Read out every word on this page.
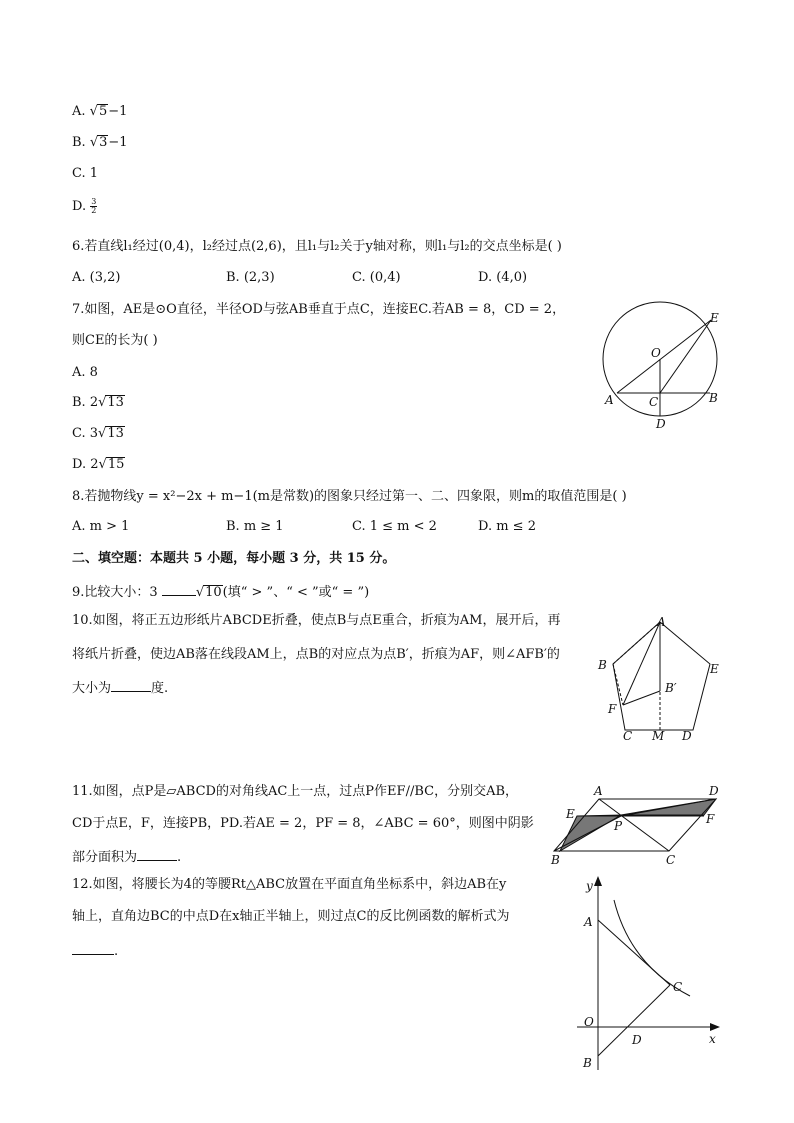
A. √5−1
B. √3−1
C. 1
D. $\frac{3}{2}$
6.若直线l₁经过(0,4)，l₂经过点(2,6)，且l₁与l₂关于y轴对称，则l₁与l₂的交点坐标是( )
A. (3,2)	B. (2,3)	C. (0,4)	D. (4,0)
7.如图，AE是⊙O直径，半径OD与弦AB垂直于点C，连接EC.若AB = 8，CD = 2，
则CE的长为( )
A. 8
B. 2√13
C. 3√13
D. 2√15
E
O
A	C	B
D
8.若抛物线y = x²−2x + m−1(m是常数)的图象只经过第一、二、四象限，则m的取值范围是( )
A. m > 1	B. m ≥ 1	C. 1 ≤ m < 2	D. m ≤ 2
二、填空题：本题共 5 小题，每小题 3 分，共 15 分。
9.比较大小：3	√10(填“ > ”、“ < ”或“ = ”)
10.如图，将正五边形纸片ABCDE折叠，使点B与点E重合，折痕为AM，展开后，再
将纸片折叠，使边AB落在线段AM上，点B的对应点为点B′，折痕为AF，则∠AFB′的
大小为	度.
A
B	E
B′
F
C M D
11.如图，点P是▱ABCD的对角线AC上一点，过点P作EF//BC，分别交AB，
CD于点E，F，连接PB，PD.若AE = 2，PF = 8，∠ABC = 60°，则图中阴影
部分面积为	.
A	D
E	F
P
B	C
12.如图，将腰长为4的等腰Rt△ABC放置在平面直角坐标系中，斜边AB在y
轴上，直角边BC的中点D在x轴正半轴上，则过点C的反比例函数的解析式为
.
y
A
C
O
D	x
B
